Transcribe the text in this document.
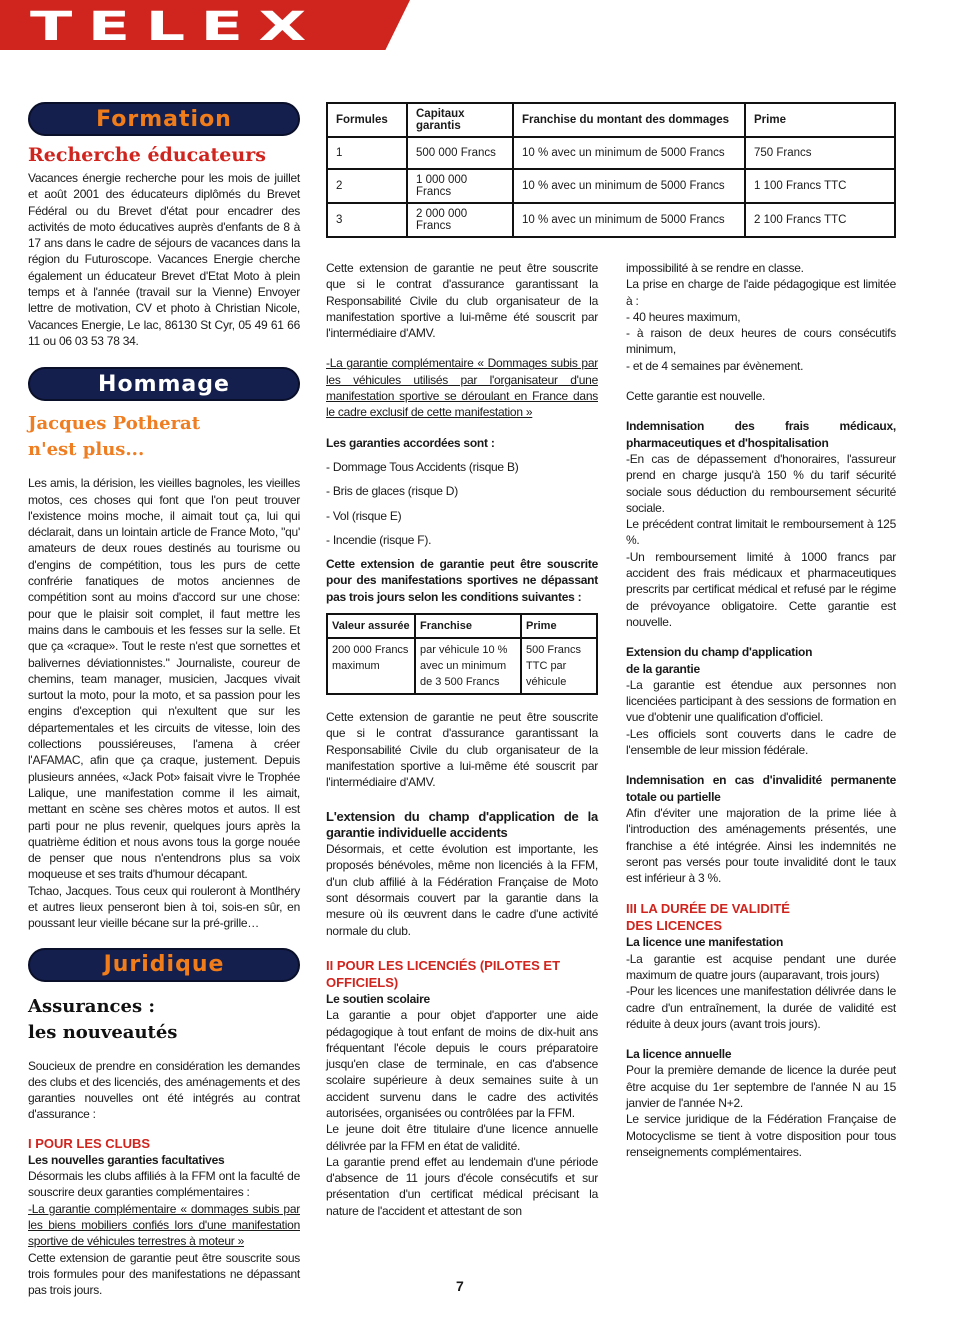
TELEX
Formation
Recherche éducateurs

Vacances énergie recherche pour les mois de juillet et août 2001 des éducateurs diplômés du Brevet Fédéral ou du Brevet d'état pour encadrer des activités de moto éducatives auprès d'enfants de 8 à 17 ans dans le cadre de séjours de vacances dans la région du Futuroscope. Vacances Energie cherche également un éducateur Brevet d'Etat Moto à plein temps et à l'année (travail sur la Vienne) Envoyer lettre de motivation, CV et photo à Christian Nicole, Vacances Energie, Le lac, 86130 St Cyr, 05 49 61 66 11 ou 06 03 53 78 34.

Hommage
Jacques Potherat
n'est plus...

Les amis, la dérision, les vieilles bagnoles, les vieilles motos, ces choses qui font que l'on peut trouver l'existence moins moche, il aimait tout ça, lui qui déclarait, dans un lointain article de France Moto, "qu' amateurs de deux roues destinés au tourisme ou d'engins de compétition, tous les purs de cette confrérie fanatiques de motos anciennes de compétition sont au moins d'accord sur une chose: pour que le plaisir soit complet, il faut mettre les mains dans le cambouis et les fesses sur la selle. Et que ça «craque». Tout le reste n'est que sornettes et balivernes déviationnistes." Journaliste, coureur de chemins, team manager, musicien, Jacques vivait surtout la moto, pour la moto, et sa passion pour les engins d'exception qui n'exultent que sur les départementales et les circuits de vitesse, loin des collections poussiéreuses, l'amena à créer l'AFAMAC, afin que ça craque, justement. Depuis plusieurs années, «Jack Pot» faisait vivre le Trophée Lalique, une manifestation comme il les aimait, mettant en scène ses chères motos et autos. Il est parti pour ne plus revenir, quelques jours après la quatrième édition et nous avons tous la gorge nouée de penser que nous n'entendrons plus sa voix moqueuse et ses traits d'humour décapant.

Tchao, Jacques. Tous ceux qui rouleront à Montlhéry et autres lieux penseront bien à toi, sois-en sûr, en poussant leur vieille bécane sur la pré-grille…

Juridique
Assurances :
les nouveautés

Soucieux de prendre en considération les demandes des clubs et des licenciés, des aménagements et des garanties nouvelles ont été intégrés au contrat d'assurance :

I POUR LES CLUBS
Les nouvelles garanties facultatives

Désormais les clubs affiliés à la FFM ont la faculté de souscrire deux garanties complémentaires :

-La garantie complémentaire « dommages subis par les biens mobiliers confiés lors d'une manifestation sportive de véhicules terrestres à moteur »

Cette extension de garantie peut être souscrite sous trois formules pour des manifestations ne dépassant pas trois jours.

Formules	Capitaux garantis	Franchise du montant des dommages	Prime
1	500 000 Francs	10 % avec un minimum de 5000 Francs	750 Francs
2	1 000 000 Francs	10 % avec un minimum de 5000 Francs	1 100 Francs TTC
3	2 000 000 Francs	10 % avec un minimum de 5000 Francs	2 100 Francs TTC

Cette extension de garantie ne peut être souscrite que si le contrat d'assurance garantissant la Responsabilité Civile du club organisateur de la manifestation sportive a lui-même été souscrit par l'intermédiaire d'AMV.

-La garantie complémentaire « Dommages subis par les véhicules utilisés par l'organisateur d'une manifestation sportive se déroulant en France dans le cadre exclusif de cette manifestation »

Les garanties accordées sont :
- Dommage Tous Accidents (risque B)
- Bris de glaces (risque D)
- Vol (risque E)
- Incendie (risque F).

Cette extension de garantie peut être souscrite pour des manifestations sportives ne dépassant pas trois jours selon les conditions suivantes :

Valeur assurée	Franchise	Prime
200 000 Francs maximum	par véhicule 10 % avec un minimum de 3 500 Francs	500 Francs TTC par véhicule

Cette extension de garantie ne peut être souscrite que si le contrat d'assurance garantissant la Responsabilité Civile du club organisateur de la manifestation sportive a lui-même été souscrit par l'intermédiaire d'AMV.

L'extension du champ d'application de la garantie individuelle accidents

Désormais, et cette évolution est importante, les proposés bénévoles, même non licenciés à la FFM, d'un club affilié à la Fédération Française de Moto sont désormais couvert par la garantie dans la mesure où ils œuvrent dans le cadre d'une activité normale du club.

II POUR LES LICENCIÉS (PILOTES ET OFFICIELS)
Le soutien scolaire

La garantie a pour objet d'apporter une aide pédagogique à tout enfant de moins de dix-huit ans fréquentant l'école depuis le cours préparatoire jusqu'en clase de terminale, en cas d'absence scolaire supérieure à deux semaines suite à un accident survenu dans le cadre des activités autorisées, organisées ou contrôlées par la FFM.

Le jeune doit être titulaire d'une licence annuelle délivrée par la FFM en état de validité.

La garantie prend effet au lendemain d'une période d'absence de 11 jours d'école consécutifs et sur présentation d'un certificat médical précisant la nature de l'accident et attestant de son

impossibilité à se rendre en classe.

La prise en charge de l'aide pédagogique est limitée à :

- 40 heures maximum,
- à raison de deux heures de cours consécutifs minimum,
- et de 4 semaines par évènement.

Cette garantie est nouvelle.

Indemnisation des frais médicaux, pharmaceutiques et d'hospitalisation

-En cas de dépassement d'honoraires, l'assureur prend en charge jusqu'à 150 % du tarif sécurité sociale sous déduction du remboursement sécurité sociale.

Le précédent contrat limitait le remboursement à 125 %.

-Un remboursement limité à 1000 francs par accident des frais médicaux et pharmaceutiques prescrits par certificat médical et refusé par le régime de prévoyance obligatoire. Cette garantie est nouvelle.

Extension du champ d'application
de la garantie

-La garantie est étendue aux personnes non licenciées participant à des sessions de formation en vue d'obtenir une qualification d'officiel.

-Les officiels sont couverts dans le cadre de l'ensemble de leur mission fédérale.

Indemnisation en cas d'invalidité permanente totale ou partielle

Afin d'éviter une majoration de la prime liée à l'introduction des aménagements présentés, une franchise a été intégrée. Ainsi les indemnités ne seront pas versés pour toute invalidité dont le taux est inférieur à 3 %.

III LA DURÉE DE VALIDITÉ
DES LICENCES
La licence une manifestation

-La garantie est acquise pendant une durée maximum de quatre jours (auparavant, trois jours)

-Pour les licences une manifestation délivrée dans le cadre d'un entraînement, la durée de validité est réduite à deux jours (avant trois jours).

La licence annuelle

Pour la première demande de licence la durée peut être acquise du 1er septembre de l'année N au 15 janvier de l'année N+2.

Le service juridique de la Fédération Française de Motocyclisme se tient à votre disposition pour tous renseignements complémentaires.

7
